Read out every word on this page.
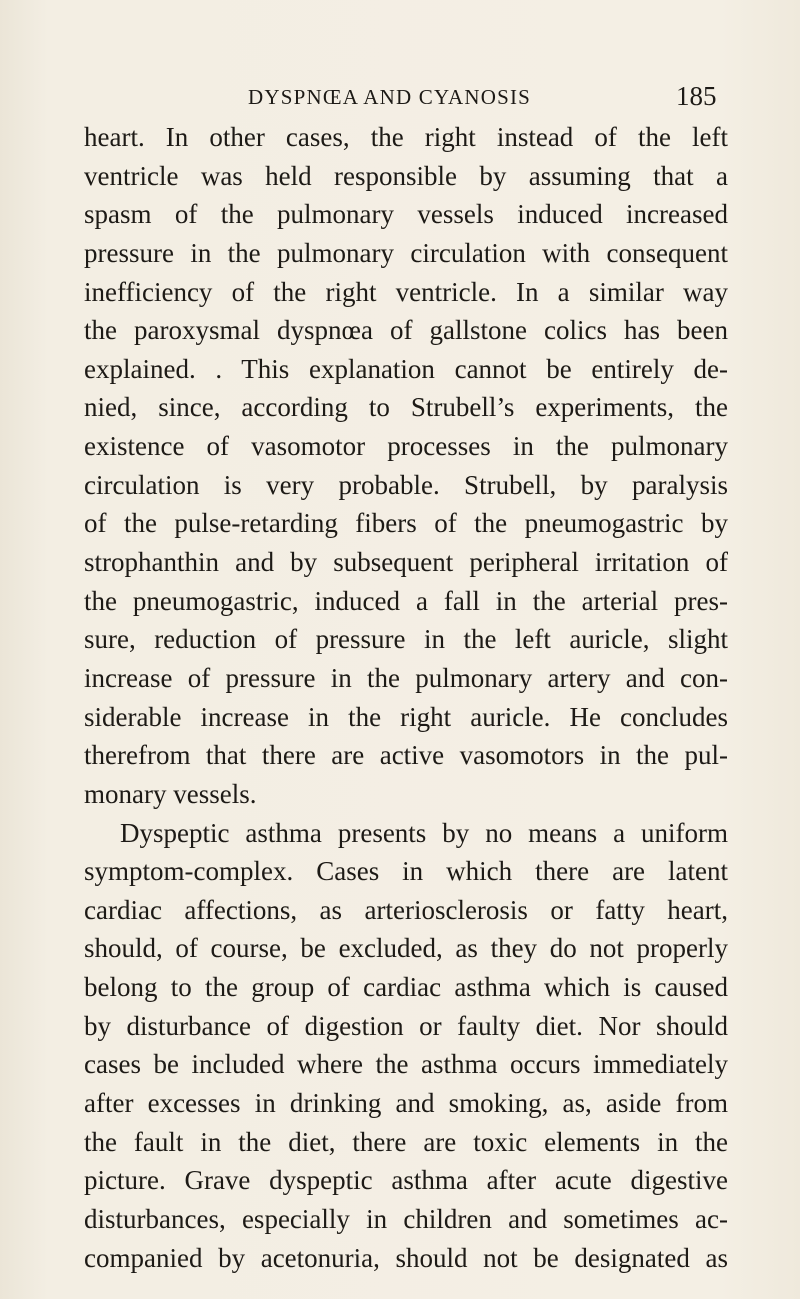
DYSPNŒA AND CYANOSIS	185
heart. In other cases, the right instead of the left
ventricle was held responsible by assuming that a
spasm of the pulmonary vessels induced increased
pressure in the pulmonary circulation with consequent
inefficiency of the right ventricle. In a similar way
the paroxysmal dyspnœa of gallstone colics has been
explained. . This explanation cannot be entirely de-
nied, since, according to Strubell’s experiments, the
existence of vasomotor processes in the pulmonary
circulation is very probable. Strubell, by paralysis
of the pulse-retarding fibers of the pneumogastric by
strophanthin and by subsequent peripheral irritation of
the pneumogastric, induced a fall in the arterial pres-
sure, reduction of pressure in the left auricle, slight
increase of pressure in the pulmonary artery and con-
siderable increase in the right auricle. He concludes
therefrom that there are active vasomotors in the pul-
monary vessels.
Dyspeptic asthma presents by no means a uniform
symptom-complex. Cases in which there are latent
cardiac affections, as arteriosclerosis or fatty heart,
should, of course, be excluded, as they do not properly
belong to the group of cardiac asthma which is caused
by disturbance of digestion or faulty diet. Nor should
cases be included where the asthma occurs immediately
after excesses in drinking and smoking, as, aside from
the fault in the diet, there are toxic elements in the
picture. Grave dyspeptic asthma after acute digestive
disturbances, especially in children and sometimes ac-
companied by acetonuria, should not be designated as
